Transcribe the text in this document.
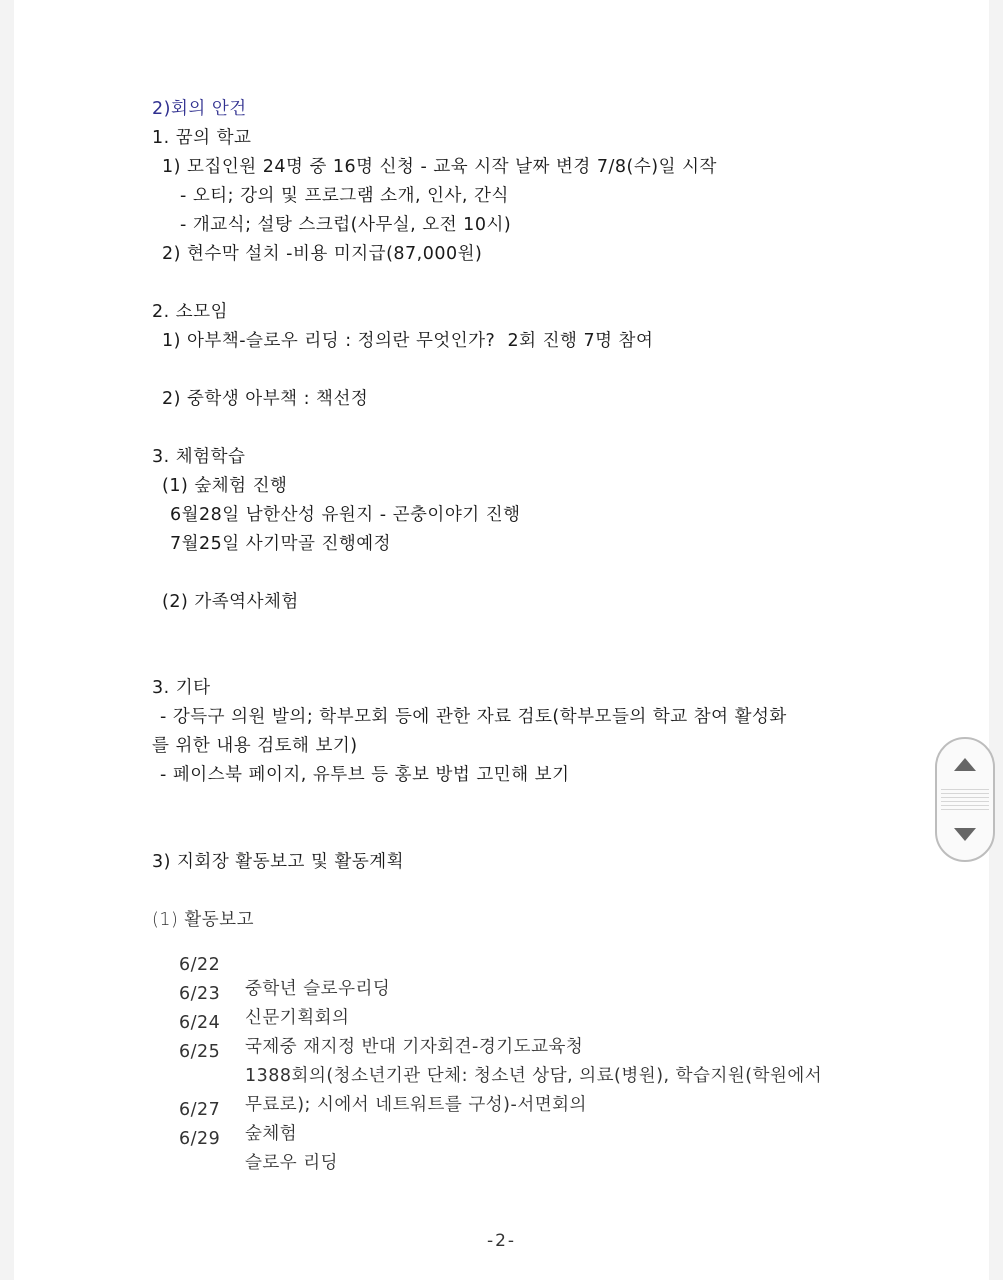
2)회의 안건
1. 꿈의 학교
1) 모집인원 24명 중 16명 신청 - 교육 시작 날짜 변경 7/8(수)일 시작
- 오티; 강의 및 프로그램 소개, 인사, 간식
- 개교식; 설탕 스크럽(사무실, 오전 10시)
2) 현수막 설치 -비용 미지급(87,000원)
2. 소모임
1) 아부책-슬로우 리딩 : 정의란 무엇인가?  2회 진행 7명 참여
2) 중학생 아부책 : 책선정
3. 체험학습
(1) 숲체험 진행
6월28일 남한산성 유원지 - 곤충이야기 진행
7월25일 사기막골 진행예정
(2) 가족역사체험
3. 기타
- 강득구 의원 발의; 학부모회 등에 관한 자료 검토(학부모들의 학교 참여 활성화
를 위한 내용 검토해 보기)
- 페이스북 페이지, 유투브 등 홍보 방법 고민해 보기
3) 지회장 활동보고 및 활동계획
(1) 활동보고

6/22

중학년 슬로우리딩

6/23

신문기획회의

6/24

국제중 재지정 반대 기자회견-경기도교육청

6/25

1388회의(청소년기관 단체: 청소년 상담, 의료(병원), 학습지원(학원에서

무료로); 시에서 네트워트를 구성)-서면회의

6/27

숲체험

6/29

슬로우 리딩

-2-
